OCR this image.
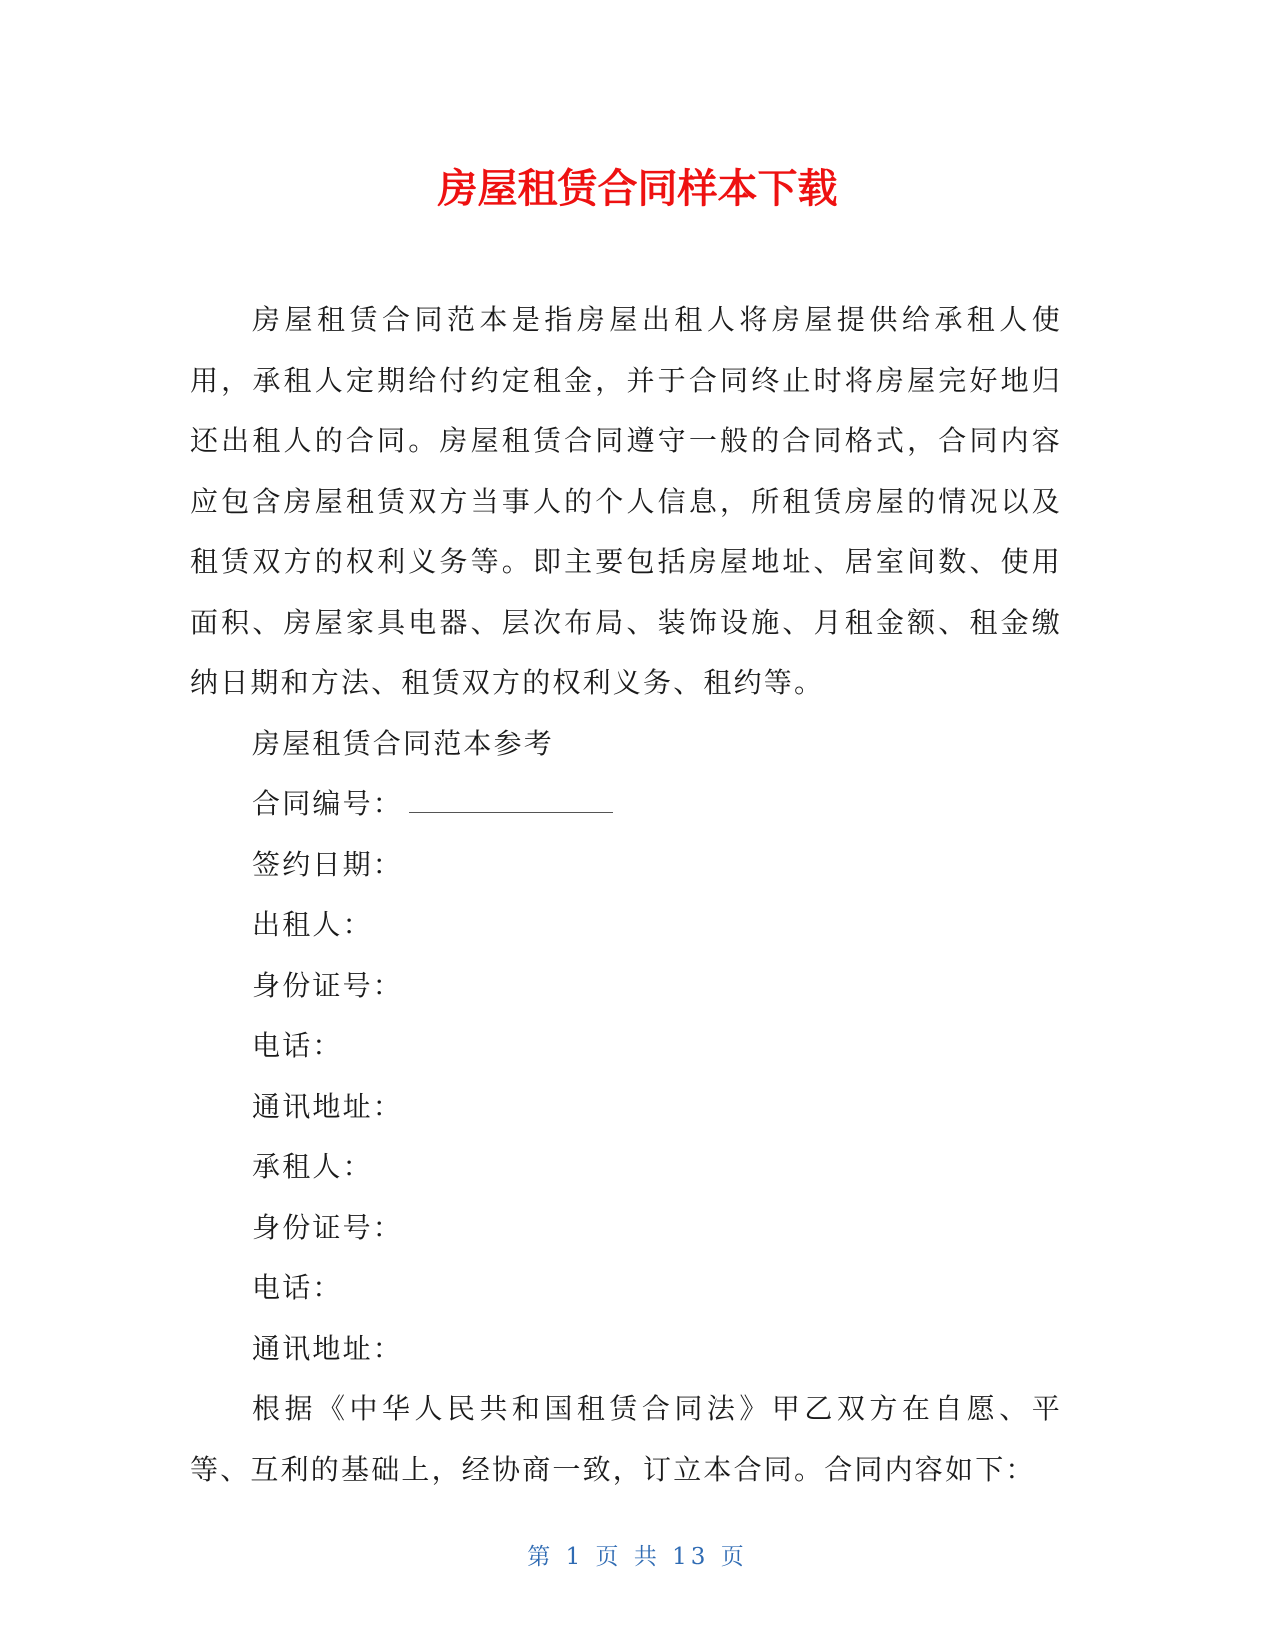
房屋租赁合同样本下载

房屋租赁合同范本是指房屋出租人将房屋提供给承租人使用，承租人定期给付约定租金，并于合同终止时将房屋完好地归还出租人的合同。房屋租赁合同遵守一般的合同格式，合同内容应包含房屋租赁双方当事人的个人信息，所租赁房屋的情况以及租赁双方的权利义务等。即主要包括房屋地址、居室间数、使用面积、房屋家具电器、层次布局、装饰设施、月租金额、租金缴纳日期和方法、租赁双方的权利义务、租约等。

房屋租赁合同范本参考

合同编号：

签约日期：

出租人：

身份证号：

电话：

通讯地址：

承租人：

身份证号：

电话：

通讯地址：

根据《中华人民共和国租赁合同法》甲乙双方在自愿、平等、互利的基础上，经协商一致，订立本合同。合同内容如下：

第 1 页 共 13 页
